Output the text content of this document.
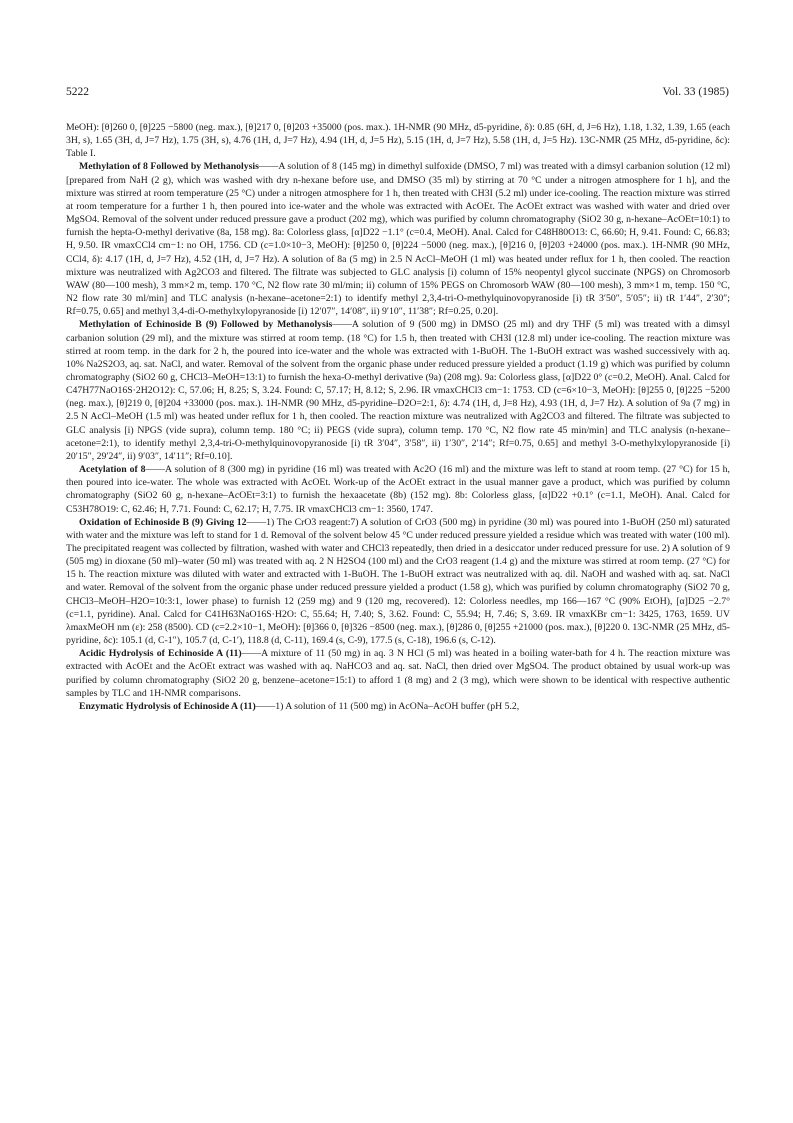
5222	Vol. 33 (1985)

MeOH): [θ]260 0, [θ]225 −5800 (neg. max.), [θ]217 0, [θ]203 +35000 (pos. max.). 1H-NMR (90 MHz, d5-pyridine, δ): 0.85 (6H, d, J=6 Hz), 1.18, 1.32, 1.39, 1.65 (each 3H, s), 1.65 (3H, d, J=7 Hz), 1.75 (3H, s), 4.76 (1H, d, J=7 Hz), 4.94 (1H, d, J=5 Hz), 5.15 (1H, d, J=7 Hz), 5.58 (1H, d, J=5 Hz). 13C-NMR (25 MHz, d5-pyridine, δc): Table I.

Methylation of 8 Followed by Methanolysis——A solution of 8 (145 mg) in dimethyl sulfoxide (DMSO, 7 ml) was treated with a dimsyl carbanion solution (12 ml) [prepared from NaH (2 g), which was washed with dry n-hexane before use, and DMSO (35 ml) by stirring at 70 °C under a nitrogen atmosphere for 1 h], and the mixture was stirred at room temperature (25 °C) under a nitrogen atmosphere for 1 h, then treated with CH3I (5.2 ml) under ice-cooling. The reaction mixture was stirred at room temperature for a further 1 h, then poured into ice-water and the whole was extracted with AcOEt. The AcOEt extract was washed with water and dried over MgSO4. Removal of the solvent under reduced pressure gave a product (202 mg), which was purified by column chromatography (SiO2 30 g, n-hexane–AcOEt=10:1) to furnish the hepta-O-methyl derivative (8a, 158 mg). 8a: Colorless glass, [α]D22 −1.1° (c=0.4, MeOH). Anal. Calcd for C48H80O13: C, 66.60; H, 9.41. Found: C, 66.83; H, 9.50. IR νmaxCCl4 cm−1: no OH, 1756. CD (c=1.0×10−3, MeOH): [θ]250 0, [θ]224 −5000 (neg. max.), [θ]216 0, [θ]203 +24000 (pos. max.). 1H-NMR (90 MHz, CCl4, δ): 4.17 (1H, d, J=7 Hz), 4.52 (1H, d, J=7 Hz). A solution of 8a (5 mg) in 2.5 N AcCl–MeOH (1 ml) was heated under reflux for 1 h, then cooled. The reaction mixture was neutralized with Ag2CO3 and filtered. The filtrate was subjected to GLC analysis [i) column of 15% neopentyl glycol succinate (NPGS) on Chromosorb WAW (80—100 mesh), 3 mm×2 m, temp. 170 °C, N2 flow rate 30 ml/min; ii) column of 15% PEGS on Chromosorb WAW (80—100 mesh), 3 mm×1 m, temp. 150 °C, N2 flow rate 30 ml/min] and TLC analysis (n-hexane–acetone=2:1) to identify methyl 2,3,4-tri-O-methylquinovopyranoside [i) tR 3′50″, 5′05″; ii) tR 1′44″, 2′30″; Rf=0.75, 0.65] and methyl 3,4-di-O-methylxylopyranoside [i) 12′07″, 14′08″, ii) 9′10″, 11′38″; Rf=0.25, 0.20].

Methylation of Echinoside B (9) Followed by Methanolysis——A solution of 9 (500 mg) in DMSO (25 ml) and dry THF (5 ml) was treated with a dimsyl carbanion solution (29 ml), and the mixture was stirred at room temp. (18 °C) for 1.5 h, then treated with CH3I (12.8 ml) under ice-cooling. The reaction mixture was stirred at room temp. in the dark for 2 h, the poured into ice-water and the whole was extracted with 1-BuOH. The 1-BuOH extract was washed successively with aq. 10% Na2S2O3, aq. sat. NaCl, and water. Removal of the solvent from the organic phase under reduced pressure yielded a product (1.19 g) which was purified by column chromatography (SiO2 60 g, CHCl3–MeOH=13:1) to furnish the hexa-O-methyl derivative (9a) (208 mg). 9a: Colorless glass, [α]D22 0° (c=0.2, MeOH). Anal. Calcd for C47H77NaO16S·2H2O12): C, 57.06; H, 8.25; S, 3.24. Found: C, 57.17; H, 8.12; S, 2.96. IR νmaxCHCl3 cm−1: 1753. CD (c=6×10−3, MeOH): [θ]255 0, [θ]225 −5200 (neg. max.), [θ]219 0, [θ]204 +33000 (pos. max.). 1H-NMR (90 MHz, d5-pyridine–D2O=2:1, δ): 4.74 (1H, d, J=8 Hz), 4.93 (1H, d, J=7 Hz). A solution of 9a (7 mg) in 2.5 N AcCl–MeOH (1.5 ml) was heated under reflux for 1 h, then cooled. The reaction mixture was neutralized with Ag2CO3 and filtered. The filtrate was subjected to GLC analysis [i) NPGS (vide supra), column temp. 180 °C; ii) PEGS (vide supra), column temp. 170 °C, N2 flow rate 45 min/min] and TLC analysis (n-hexane–acetone=2:1), to identify methyl 2,3,4-tri-O-methylquinovopyranoside [i) tR 3′04″, 3′58″, ii) 1′30″, 2′14″; Rf=0.75, 0.65] and methyl 3-O-methylxylopyranoside [i) 20′15″, 29′24″, ii) 9′03″, 14′11″; Rf=0.10].

Acetylation of 8——A solution of 8 (300 mg) in pyridine (16 ml) was treated with Ac2O (16 ml) and the mixture was left to stand at room temp. (27 °C) for 15 h, then poured into ice-water. The whole was extracted with AcOEt. Work-up of the AcOEt extract in the usual manner gave a product, which was purified by column chromatography (SiO2 60 g, n-hexane–AcOEt=3:1) to furnish the hexaacetate (8b) (152 mg). 8b: Colorless glass, [α]D22 +0.1° (c=1.1, MeOH). Anal. Calcd for C53H78O19: C, 62.46; H, 7.71. Found: C, 62.17; H, 7.75. IR νmaxCHCl3 cm−1: 3560, 1747.

Oxidation of Echinoside B (9) Giving 12——1) The CrO3 reagent:7) A solution of CrO3 (500 mg) in pyridine (30 ml) was poured into 1-BuOH (250 ml) saturated with water and the mixture was left to stand for 1 d. Removal of the solvent below 45 °C under reduced pressure yielded a residue which was treated with water (100 ml). The precipitated reagent was collected by filtration, washed with water and CHCl3 repeatedly, then dried in a desiccator under reduced pressure for use. 2) A solution of 9 (505 mg) in dioxane (50 ml)–water (50 ml) was treated with aq. 2 N H2SO4 (100 ml) and the CrO3 reagent (1.4 g) and the mixture was stirred at room temp. (27 °C) for 15 h. The reaction mixture was diluted with water and extracted with 1-BuOH. The 1-BuOH extract was neutralized with aq. dil. NaOH and washed with aq. sat. NaCl and water. Removal of the solvent from the organic phase under reduced pressure yielded a product (1.58 g), which was purified by column chromatography (SiO2 70 g, CHCl3–MeOH–H2O=10:3:1, lower phase) to furnish 12 (259 mg) and 9 (120 mg, recovered). 12: Colorless needles, mp 166—167 °C (90% EtOH), [α]D25 −2.7° (c=1.1, pyridine). Anal. Calcd for C41H63NaO16S·H2O: C, 55.64; H, 7.40; S, 3.62. Found: C, 55.94; H, 7.46; S, 3.69. IR νmaxKBr cm−1: 3425, 1763, 1659. UV λmaxMeOH nm (ε): 258 (8500). CD (c=2.2×10−1, MeOH): [θ]366 0, [θ]326 −8500 (neg. max.), [θ]286 0, [θ]255 +21000 (pos. max.), [θ]220 0. 13C-NMR (25 MHz, d5-pyridine, δc): 105.1 (d, C-1″), 105.7 (d, C-1′), 118.8 (d, C-11), 169.4 (s, C-9), 177.5 (s, C-18), 196.6 (s, C-12).

Acidic Hydrolysis of Echinoside A (11)——A mixture of 11 (50 mg) in aq. 3 N HCl (5 ml) was heated in a boiling water-bath for 4 h. The reaction mixture was extracted with AcOEt and the AcOEt extract was washed with aq. NaHCO3 and aq. sat. NaCl, then dried over MgSO4. The product obtained by usual work-up was purified by column chromatography (SiO2 20 g, benzene–acetone=15:1) to afford 1 (8 mg) and 2 (3 mg), which were shown to be identical with respective authentic samples by TLC and 1H-NMR comparisons.

Enzymatic Hydrolysis of Echinoside A (11)——1) A solution of 11 (500 mg) in AcONa–AcOH buffer (pH 5.2,
